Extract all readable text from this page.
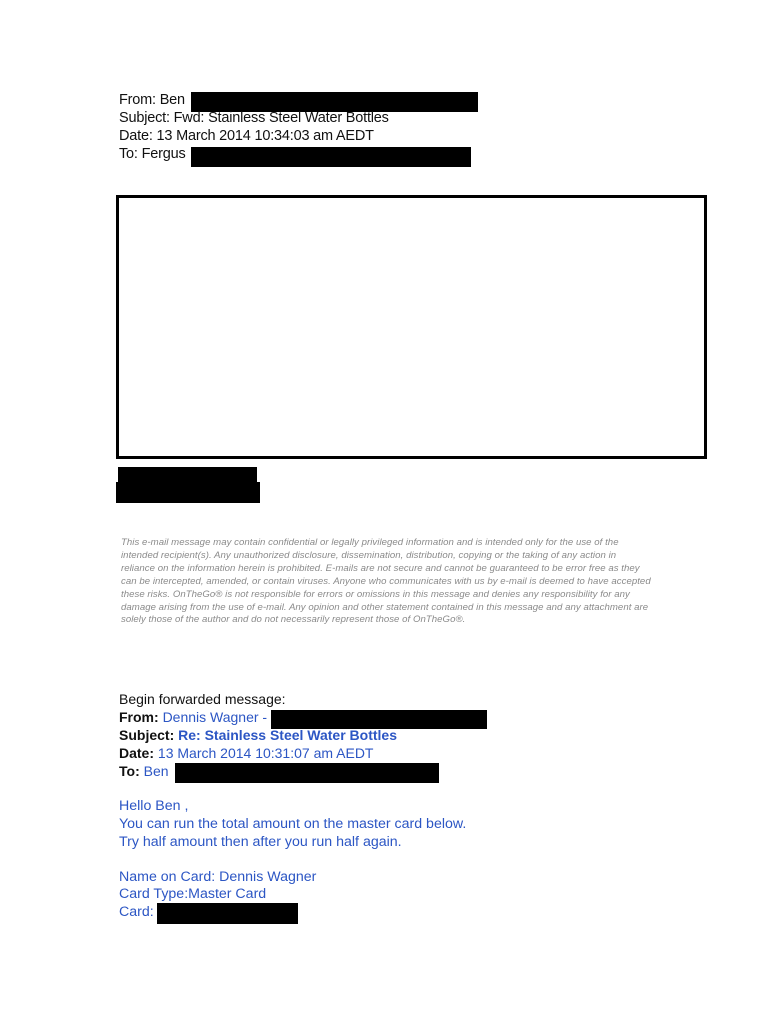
From: Ben
Subject: Fwd: Stainless Steel Water Bottles
Date: 13 March 2014 10:34:03 am AEDT
To: Fergus
This e-mail message may contain confidential or legally privileged information and is intended only for the use of the intended recipient(s). Any unauthorized disclosure, dissemination, distribution, copying or the taking of any action in reliance on the information herein is prohibited. E-mails are not secure and cannot be guaranteed to be error free as they can be intercepted, amended, or contain viruses. Anyone who communicates with us by e-mail is deemed to have accepted these risks. OnTheGo® is not responsible for errors or omissions in this message and denies any responsibility for any damage arising from the use of e-mail. Any opinion and other statement contained in this message and any attachment are solely those of the author and do not necessarily represent those of OnTheGo®.
Begin forwarded message:
From: Dennis Wagner -
Subject: Re: Stainless Steel Water Bottles
Date: 13 March 2014 10:31:07 am AEDT
To: Ben
Hello Ben ,
You can run the total amount on the master card below.
Try half amount then after you run half again.
Name on Card: Dennis Wagner
Card Type:Master Card
Card:
